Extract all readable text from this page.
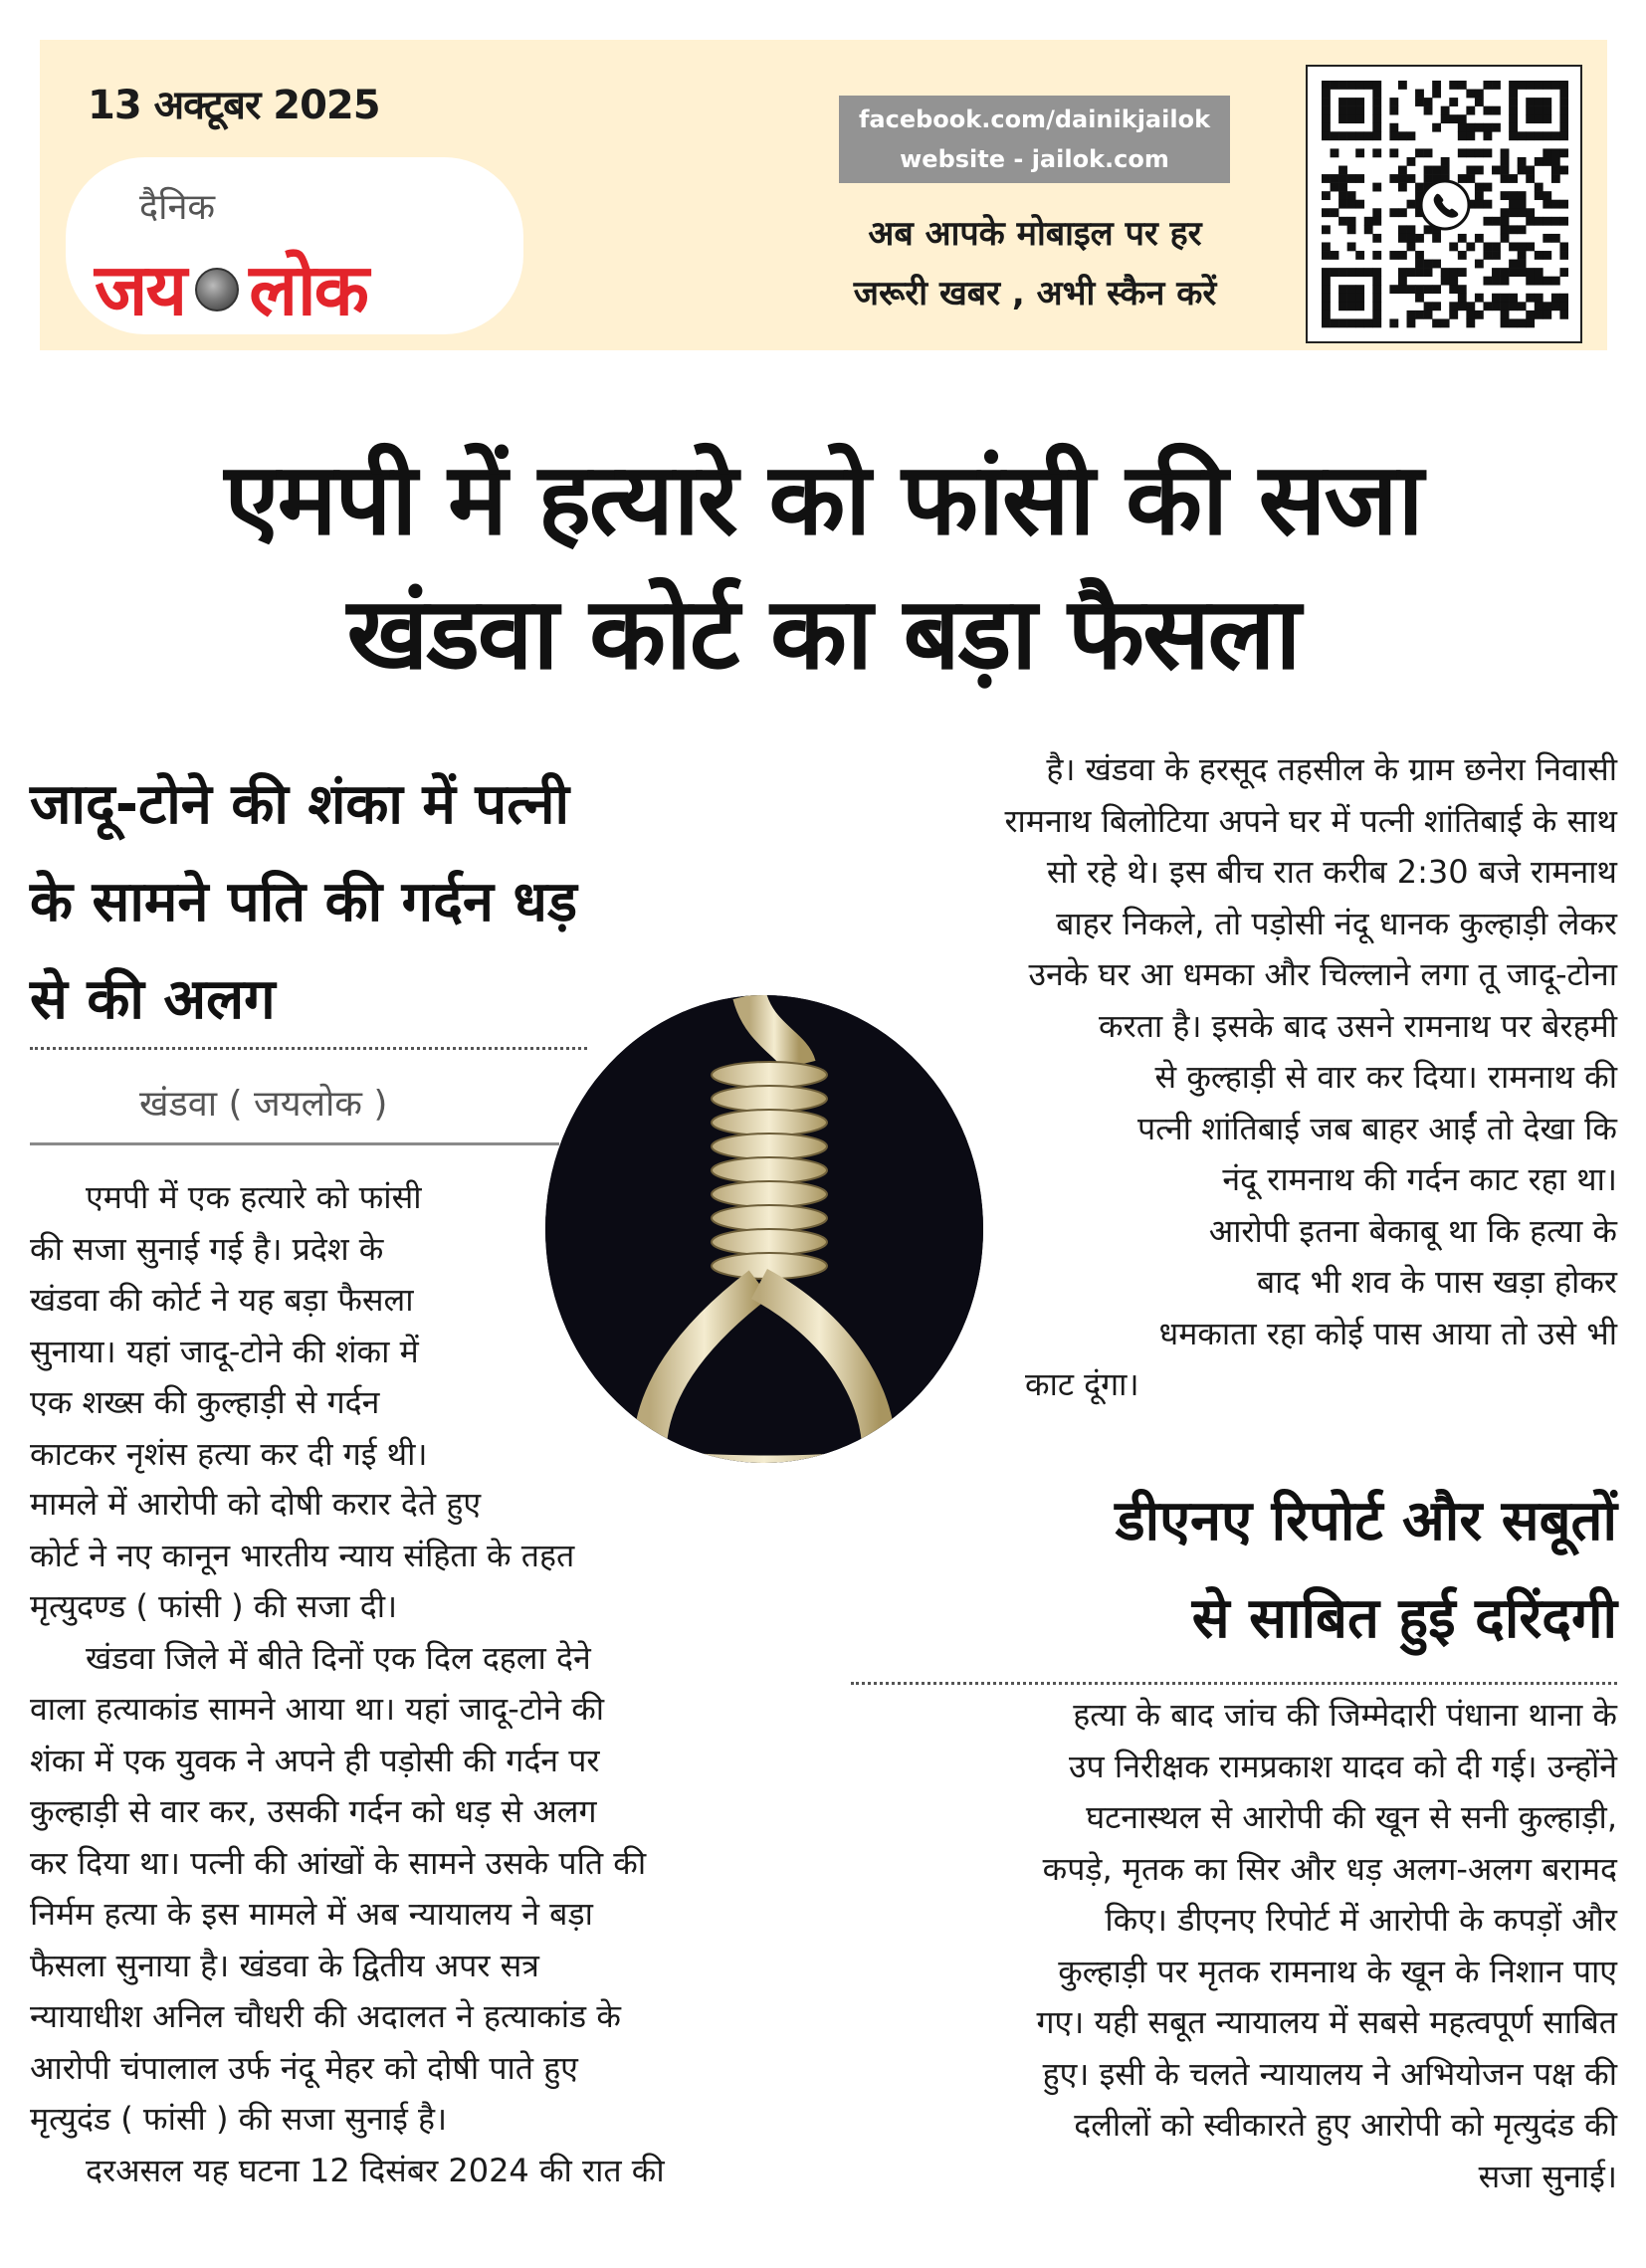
13 अक्टूबर 2025
दैनिक
जय लोक
facebook.com/dainikjailok
website - jailok.com
अब आपके मोबाइल पर हर
जरूरी खबर , अभी स्कैन करें
एमपी में हत्यारे को फांसी की सजा
खंडवा कोर्ट का बड़ा फैसला
जादू-टोने की शंका में पत्नी
के सामने पति की गर्दन धड़
से की अलग
खंडवा ( जयलोक )
एमपी में एक हत्यारे को फांसी
की सजा सुनाई गई है। प्रदेश के
खंडवा की कोर्ट ने यह बड़ा फैसला
सुनाया। यहां जादू-टोने की शंका में
एक शख्स की कुल्हाड़ी से गर्दन
काटकर नृशंस हत्या कर दी गई थी।
मामले में आरोपी को दोषी करार देते हुए
कोर्ट ने नए कानून भारतीय न्याय संहिता के तहत
मृत्युदण्ड ( फांसी ) की सजा दी।
खंडवा जिले में बीते दिनों एक दिल दहला देने
वाला हत्याकांड सामने आया था। यहां जादू-टोने की
शंका में एक युवक ने अपने ही पड़ोसी की गर्दन पर
कुल्हाड़ी से वार कर, उसकी गर्दन को धड़ से अलग
कर दिया था। पत्नी की आंखों के सामने उसके पति की
निर्मम हत्या के इस मामले में अब न्यायालय ने बड़ा
फैसला सुनाया है। खंडवा के द्वितीय अपर सत्र
न्यायाधीश अनिल चौधरी की अदालत ने हत्याकांड के
आरोपी चंपालाल उर्फ नंदू मेहर को दोषी पाते हुए
मृत्युदंड ( फांसी ) की सजा सुनाई है।
दरअसल यह घटना 12 दिसंबर 2024 की रात की
है। खंडवा के हरसूद तहसील के ग्राम छनेरा निवासी
रामनाथ बिलोटिया अपने घर में पत्नी शांतिबाई के साथ
सो रहे थे। इस बीच रात करीब 2:30 बजे रामनाथ
बाहर निकले, तो पड़ोसी नंदू धानक कुल्हाड़ी लेकर
उनके घर आ धमका और चिल्लाने लगा तू जादू-टोना
करता है। इसके बाद उसने रामनाथ पर बेरहमी
से कुल्हाड़ी से वार कर दिया। रामनाथ की
पत्नी शांतिबाई जब बाहर आईं तो देखा कि
नंदू रामनाथ की गर्दन काट रहा था।
आरोपी इतना बेकाबू था कि हत्या के
बाद भी शव के पास खड़ा होकर
धमकाता रहा कोई पास आया तो उसे भी
काट दूंगा।
डीएनए रिपोर्ट और सबूतों
से साबित हुई दरिंदगी
हत्या के बाद जांच की जिम्मेदारी पंधाना थाना के
उप निरीक्षक रामप्रकाश यादव को दी गई। उन्होंने
घटनास्थल से आरोपी की खून से सनी कुल्हाड़ी,
कपड़े, मृतक का सिर और धड़ अलग-अलग बरामद
किए। डीएनए रिपोर्ट में आरोपी के कपड़ों और
कुल्हाड़ी पर मृतक रामनाथ के खून के निशान पाए
गए। यही सबूत न्यायालय में सबसे महत्वपूर्ण साबित
हुए। इसी के चलते न्यायालय ने अभियोजन पक्ष की
दलीलों को स्वीकारते हुए आरोपी को मृत्युदंड की
सजा सुनाई।
